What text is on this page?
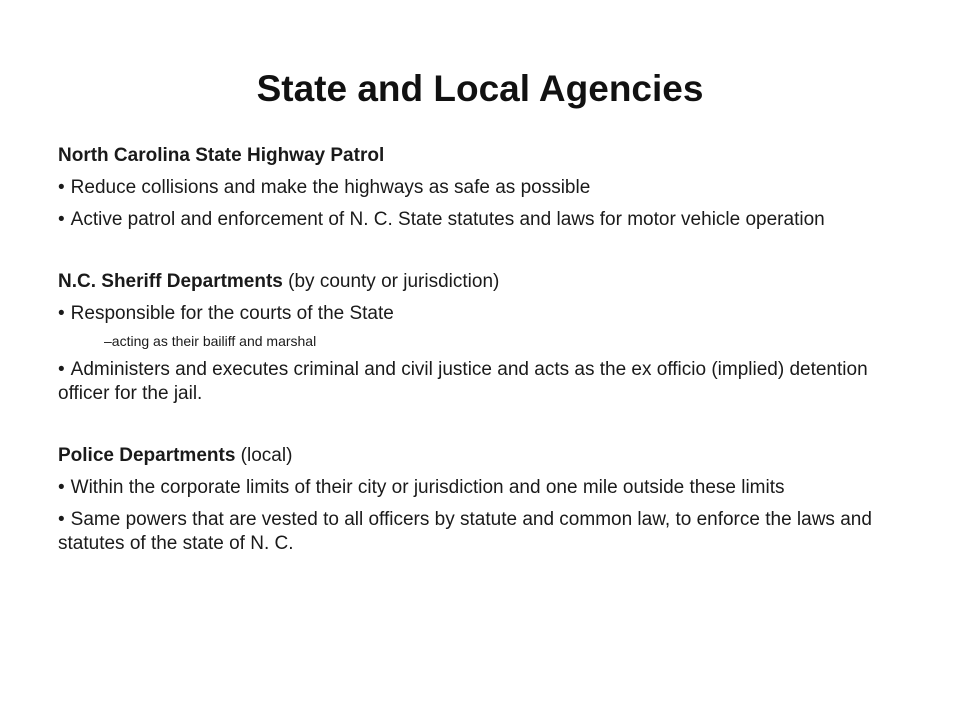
State and Local Agencies
North Carolina State Highway Patrol
• Reduce collisions and make the highways as safe as possible
• Active patrol and enforcement of N. C. State statutes and laws for motor vehicle operation
N.C. Sheriff Departments (by county or jurisdiction)
• Responsible for the courts of the State
–acting as their bailiff and marshal
• Administers and executes criminal and civil justice and acts as the ex officio (implied) detention officer for the jail.
Police Departments (local)
• Within the corporate limits of their city or jurisdiction and one mile outside these limits
• Same powers that are vested to all officers by statute and common law, to enforce the laws and statutes of the state of N. C.
